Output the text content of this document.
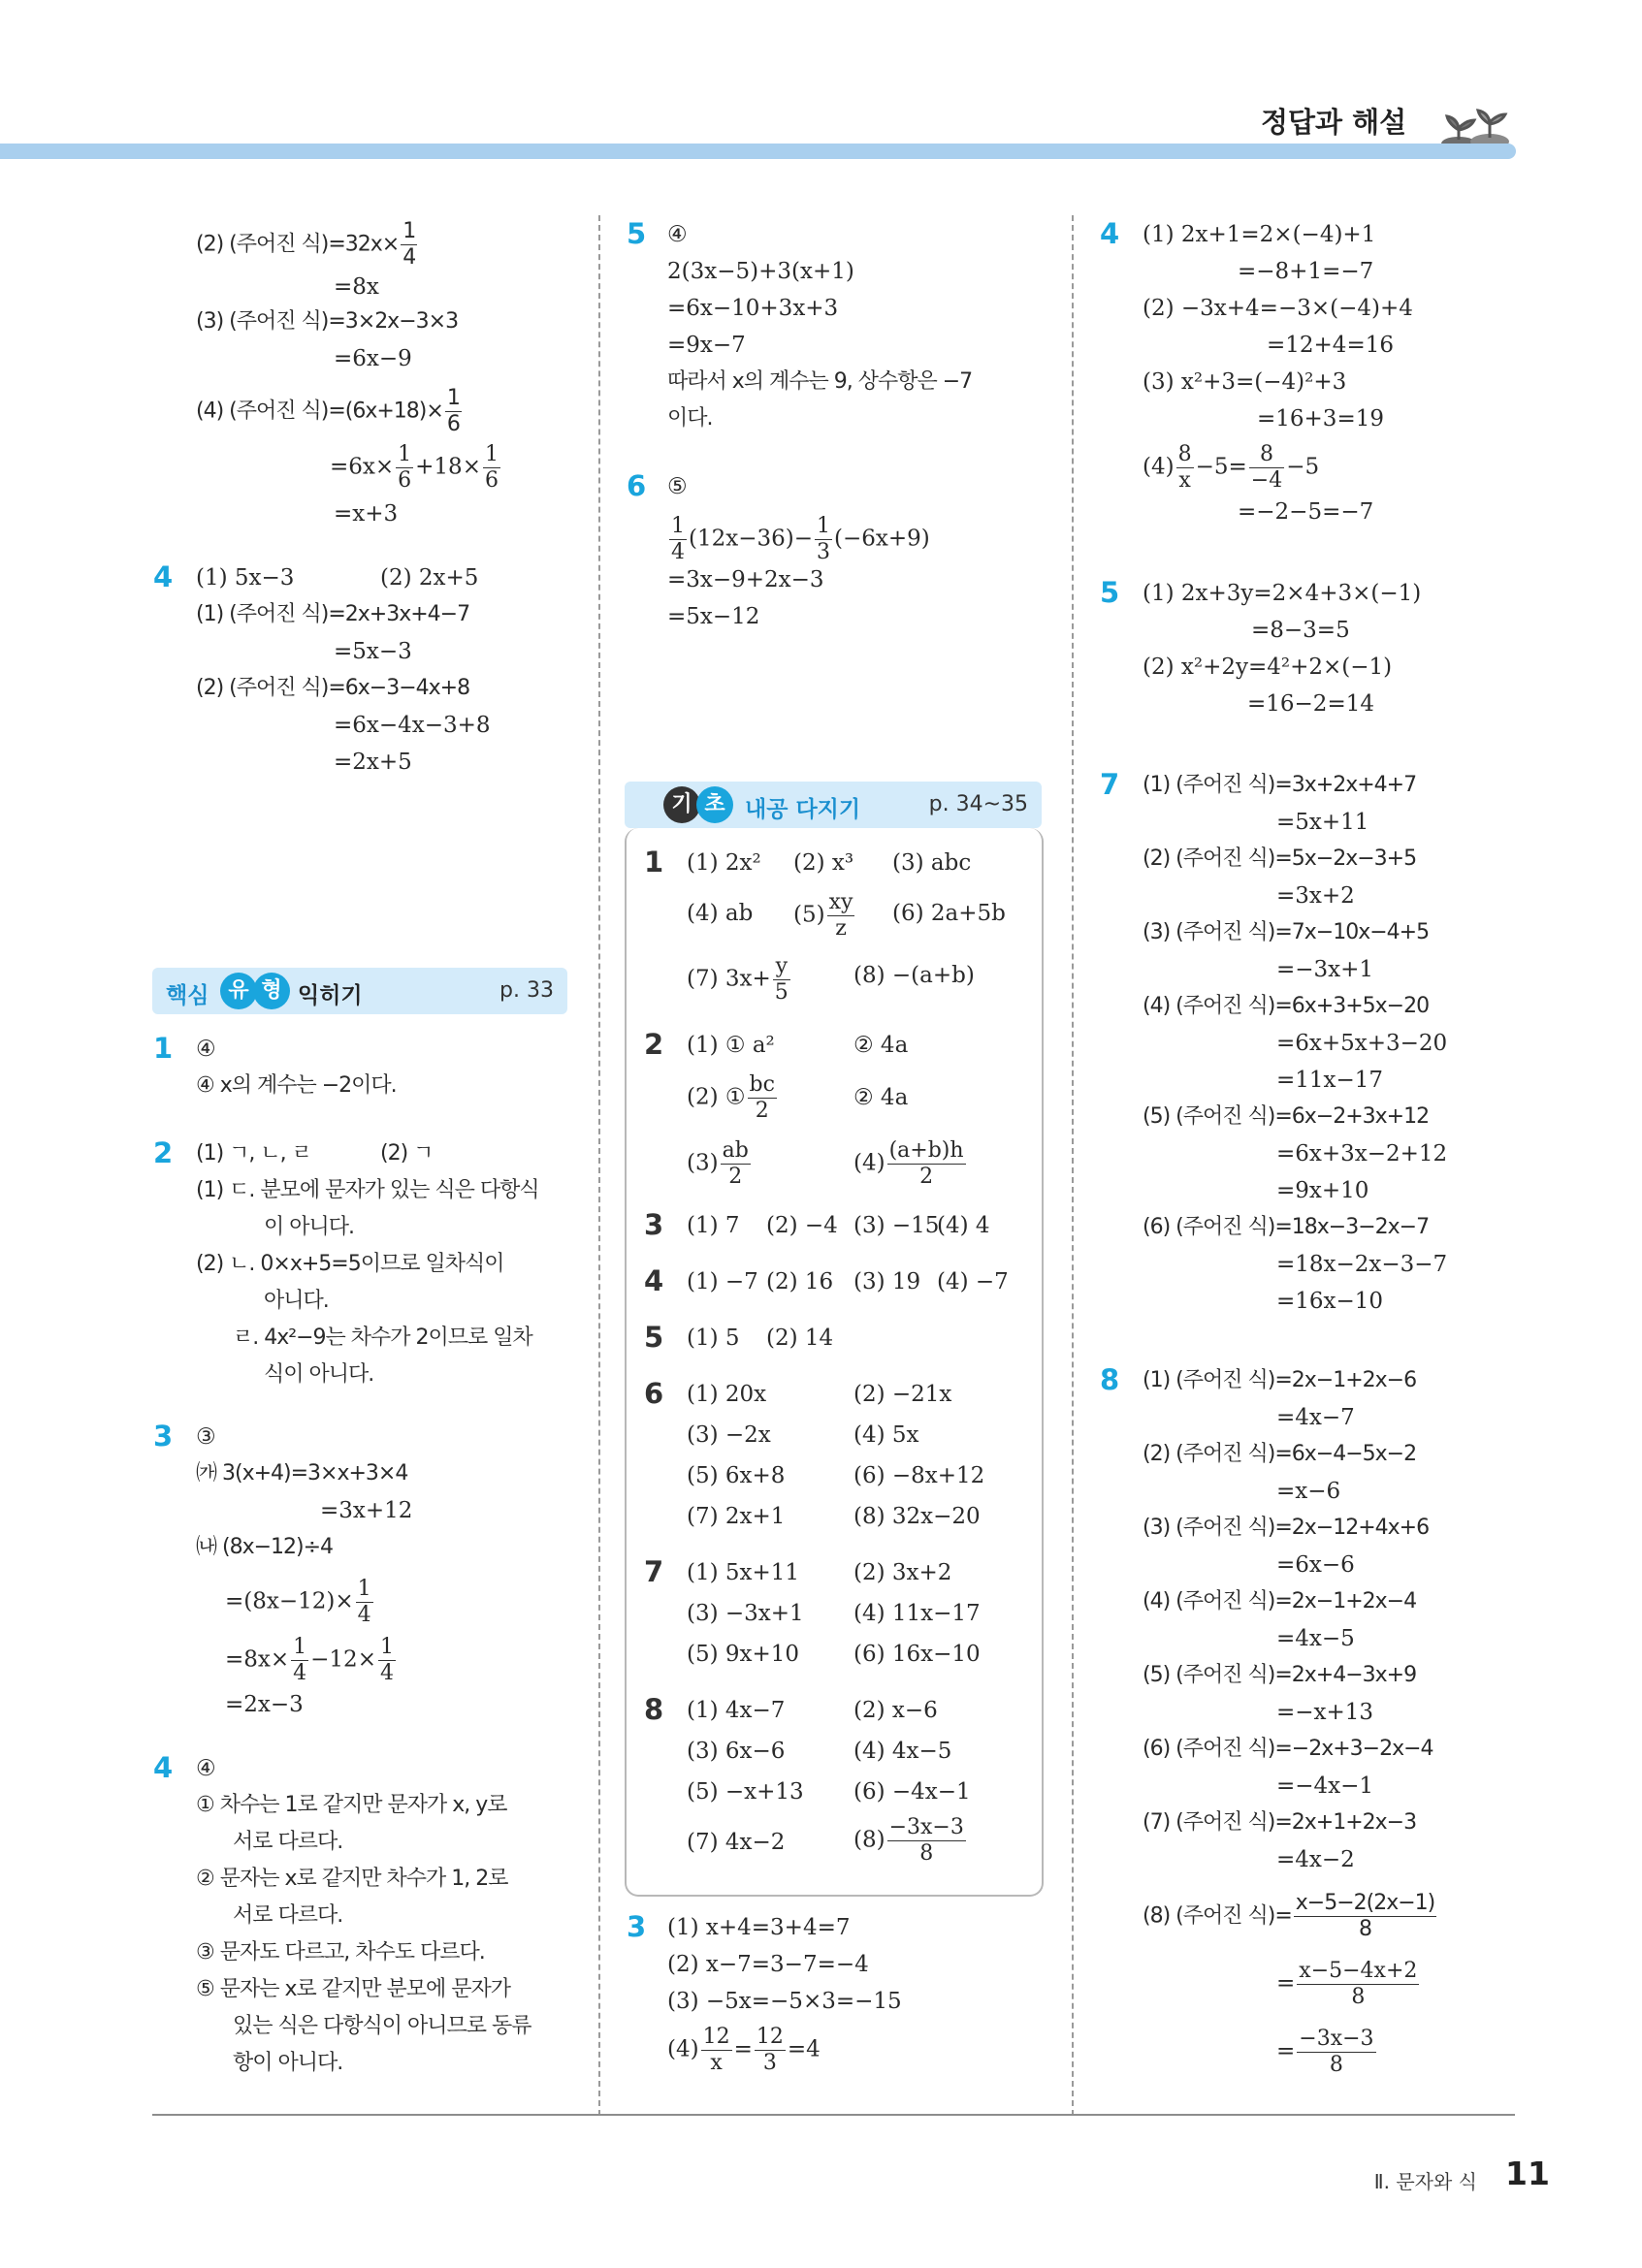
정답과 해설
(2) (주어진 식)$=32x\times \frac{1}{4}$
=8x
(3) (주어진 식)=3×2x−3×3
=6x−9
(4) (주어진 식)$=(6x+18)\times \frac{1}{6}$
$=6x\times \frac{1}{6} +18\times \frac{1}{6}$
=x+3
4 (1) 5x−3	(2) 2x+5
(1) (주어진 식)=2x+3x+4−7
=5x−3
(2) (주어진 식)=6x−3−4x+8
=6x−4x−3+8
=2x+5
핵심 유 형 익히기	p. 33
1 ④
④ x의 계수는 −2이다.
2 (1) ㄱ, ㄴ, ㄹ	(2) ㄱ
(1) ㄷ. 분모에 문자가 있는 식은 다항식
이 아니다.
(2) ㄴ. 0×x+5=5이므로 일차식이
아니다.
ㄹ. 4x²−9는 차수가 2이므로 일차
식이 아니다.
3 ③
㈎ 3(x+4)=3×x+3×4
=3x+12
㈏ (8x−12)÷4
$=(8x-12)\times \frac{1}{4}$
$=8x\times \frac{1}{4} -12\times \frac{1}{4}$
=2x−3
4 ④
① 차수는 1로 같지만 문자가 x, y로
서로 다르다.
② 문자는 x로 같지만 차수가 1, 2로
서로 다르다.
③ 문자도 다르고, 차수도 다르다.
⑤ 문자는 x로 같지만 분모에 문자가
있는 식은 다항식이 아니므로 동류
항이 아니다.
5 ④
2(3x−5)+3(x+1)
=6x−10+3x+3
=9x−7
따라서 x의 계수는 9, 상수항은 −7
이다.
6 ⑤
$\frac{1}{4} (12x-36)- \frac{1}{3} (-6x+9)$
=3x−9+2x−3
=5x−12
기 초 내공 다지기	p. 34~35
1 (1) 2x² (2) x³ (3) abc
(4) ab $(5) \frac{xy}{z} (6)$ 2a+5b
(7) $3x+ \frac{y}{5}$	(8) −(a+b)
2 (1) ① a²	② 4a
(2) ① $\frac{bc}{2}$	② 4a
$(3) \frac{ab}{2}$	$(4) \frac{(a+b)h}{2}$
3 (1) 7 (2) −4 (3) −15
(4) 4
4 (1) −7 (2) 16 (3) 19 (4) −7
5 (1) 5 (2) 14
6 (1) 20x	(2) −21x
(3) −2x	(4) 5x
(5) 6x+8	(6) −8x+12
(7) 2x+1	(8) 32x−20
7 (1) 5x+11 (2) 3x+2
(3) −3x+1 (4) 11x−17
(5) 9x+10 (6) 16x−10
8 (1) 4x−7	(2) x−6
(3) 6x−6	(4) 4x−5
(5) −x+13 (6) −4x−1
(7) 4x−2	$(8) \frac{-3x-3}{8}$
3 (1) x+4=3+4=7
(2) x−7=3−7=−4
(3) −5x=−5×3=−15
$(4) \frac{12}{x} = \frac{12}{3} =4$
4 (1) 2x+1=2×(−4)+1
=−8+1=−7
(2) −3x+4=−3×(−4)+4
=12+4=16
(3) x²+3=(−4)²+3
=16+3=19
$(4) \frac{8}{x} -5= \frac{8}{-4} -5$
=−2−5=−7
5 (1) 2x+3y=2×4+3×(−1)
=8−3=5
(2) x²+2y=4²+2×(−1)
=16−2=14
7 (1) (주어진 식)=3x+2x+4+7
=5x+11
(2) (주어진 식)=5x−2x−3+5
=3x+2
(3) (주어진 식)=7x−10x−4+5
=−3x+1
(4) (주어진 식)=6x+3+5x−20
=6x+5x+3−20
=11x−17
(5) (주어진 식)=6x−2+3x+12
=6x+3x−2+12
=9x+10
(6) (주어진 식)=18x−3−2x−7
=18x−2x−3−7
=16x−10
8 (1) (주어진 식)=2x−1+2x−6
=4x−7
(2) (주어진 식)=6x−4−5x−2
=x−6
(3) (주어진 식)=2x−12+4x+6
=6x−6
(4) (주어진 식)=2x−1+2x−4
=4x−5
(5) (주어진 식)=2x+4−3x+9
=−x+13
(6) (주어진 식)=−2x+3−2x−4
=−4x−1
(7) (주어진 식)=2x+1+2x−3
=4x−2
(8) (주어진 식)= $\frac{x-5-2(2x-1)}{8}$
= $\frac{x-5-4x+2}{8}$
= $\frac{-3x-3}{8}$
Ⅱ. 문자와 식 11
